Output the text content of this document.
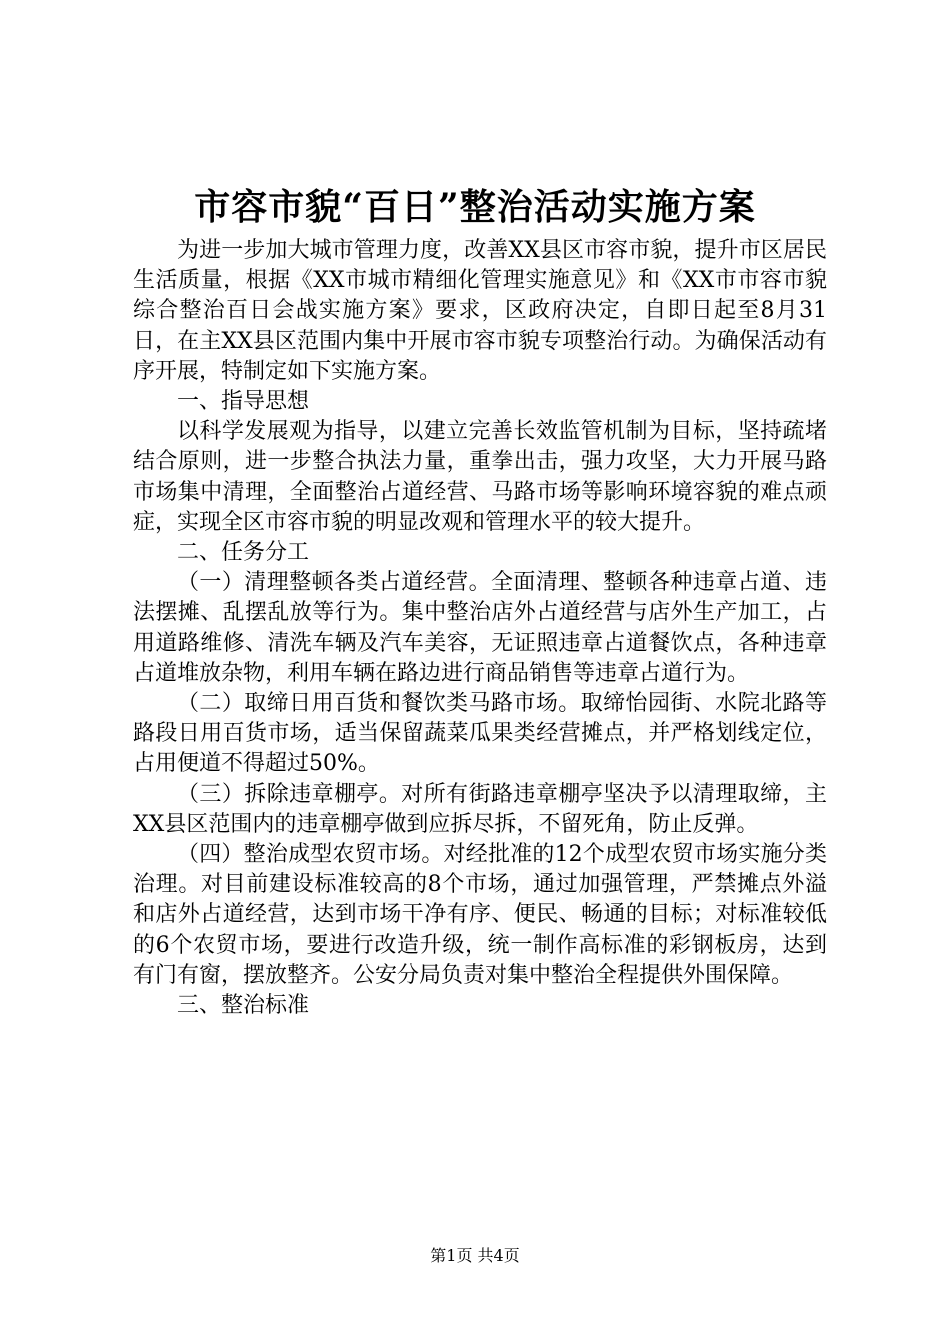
市容市貌“百日”整治活动实施方案

为进一步加大城市管理力度，改善XX县区市容市貌，提升市区居民生活质量，根据《XX市城市精细化管理实施意见》和《XX市市容市貌综合整治百日会战实施方案》要求，区政府决定，自即日起至8月31日，在主XX县区范围内集中开展市容市貌专项整治行动。为确保活动有序开展，特制定如下实施方案。

一、指导思想

以科学发展观为指导，以建立完善长效监管机制为目标，坚持疏堵结合原则，进一步整合执法力量，重拳出击，强力攻坚，大力开展马路市场集中清理，全面整治占道经营、马路市场等影响环境容貌的难点顽症，实现全区市容市貌的明显改观和管理水平的较大提升。

二、任务分工

（一）清理整顿各类占道经营。全面清理、整顿各种违章占道、违法摆摊、乱摆乱放等行为。集中整治店外占道经营与店外生产加工，占用道路维修、清洗车辆及汽车美容，无证照违章占道餐饮点，各种违章占道堆放杂物，利用车辆在路边进行商品销售等违章占道行为。

（二）取缔日用百货和餐饮类马路市场。取缔怡园街、水院北路等路段日用百货市场，适当保留蔬菜瓜果类经营摊点，并严格划线定位，占用便道不得超过50%。

（三）拆除违章棚亭。对所有街路违章棚亭坚决予以清理取缔，主XX县区范围内的违章棚亭做到应拆尽拆，不留死角，防止反弹。

（四）整治成型农贸市场。对经批准的12个成型农贸市场实施分类治理。对目前建设标准较高的8个市场，通过加强管理，严禁摊点外溢和店外占道经营，达到市场干净有序、便民、畅通的目标；对标准较低的6个农贸市场，要进行改造升级，统一制作高标准的彩钢板房，达到有门有窗，摆放整齐。公安分局负责对集中整治全程提供外围保障。

三、整治标准

第1页 共4页
